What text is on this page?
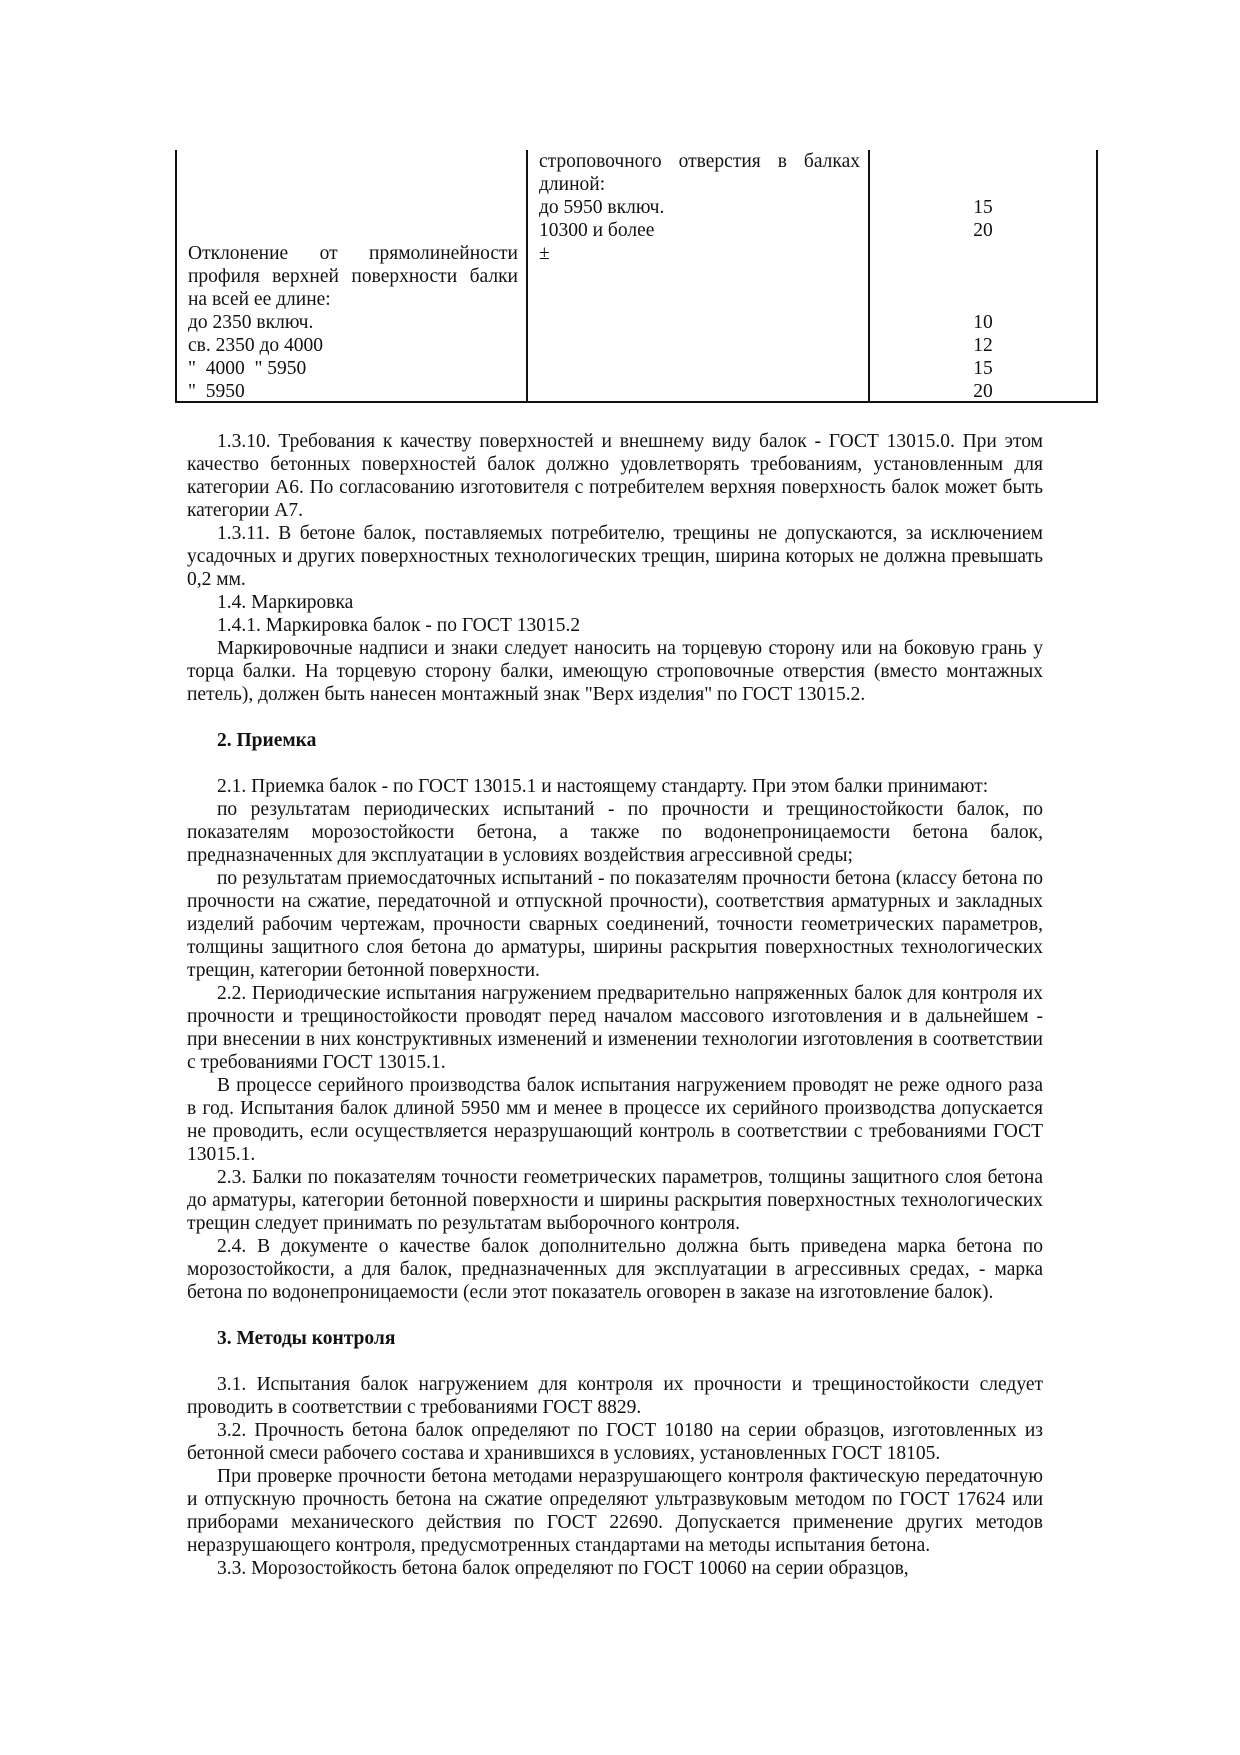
Отклонение от прямолинейности
профиля верхней поверхности балки
на всей ее длине:
до 2350 включ.
св. 2350 до 4000
"  4000  " 5950
"  5950
строповочного отверстия в балках
длиной:
до 5950 включ.
10300 и более
±
15
20
10
12
15
20

1.3.10. Требования к качеству поверхностей и внешнему виду балок - ГОСТ 13015.0. При этом качество бетонных поверхностей балок должно удовлетворять требованиям, установленным для категории А6. По согласованию изготовителя с потребителем верхняя поверхность балок может быть категории А7.

1.3.11. В бетоне балок, поставляемых потребителю, трещины не допускаются, за исключением усадочных и других поверхностных технологических трещин, ширина которых не должна превышать 0,2 мм.

1.4. Маркировка

1.4.1. Маркировка балок - по ГОСТ 13015.2

Маркировочные надписи и знаки следует наносить на торцевую сторону или на боковую грань у торца балки. На торцевую сторону балки, имеющую строповочные отверстия (вместо монтажных петель), должен быть нанесен монтажный знак "Верх изделия" по ГОСТ 13015.2.

2. Приемка

2.1. Приемка балок - по ГОСТ 13015.1 и настоящему стандарту. При этом балки принимают:

по результатам периодических испытаний - по прочности и трещиностойкости балок, по показателям морозостойкости бетона, а также по водонепроницаемости бетона балок, предназначенных для эксплуатации в условиях воздействия агрессивной среды;

по результатам приемосдаточных испытаний - по показателям прочности бетона (классу бетона по прочности на сжатие, передаточной и отпускной прочности), соответствия арматурных и закладных изделий рабочим чертежам, прочности сварных соединений, точности геометрических параметров, толщины защитного слоя бетона до арматуры, ширины раскрытия поверхностных технологических трещин, категории бетонной поверхности.

2.2. Периодические испытания нагружением предварительно напряженных балок для контроля их прочности и трещиностойкости проводят перед началом массового изготовления и в дальнейшем - при внесении в них конструктивных изменений и изменении технологии изготовления в соответствии с требованиями ГОСТ 13015.1.

В процессе серийного производства балок испытания нагружением проводят не реже одного раза в год. Испытания балок длиной 5950 мм и менее в процессе их серийного производства допускается не проводить, если осуществляется неразрушающий контроль в соответствии с требованиями ГОСТ 13015.1.

2.3. Балки по показателям точности геометрических параметров, толщины защитного слоя бетона до арматуры, категории бетонной поверхности и ширины раскрытия поверхностных технологических трещин следует принимать по результатам выборочного контроля.

2.4. В документе о качестве балок дополнительно должна быть приведена марка бетона по морозостойкости, а для балок, предназначенных для эксплуатации в агрессивных средах, - марка бетона по водонепроницаемости (если этот показатель оговорен в заказе на изготовление балок).

3. Методы контроля

3.1. Испытания балок нагружением для контроля их прочности и трещиностойкости следует проводить в соответствии с требованиями ГОСТ 8829.

3.2. Прочность бетона балок определяют по ГОСТ 10180 на серии образцов, изготовленных из бетонной смеси рабочего состава и хранившихся в условиях, установленных ГОСТ 18105.

При проверке прочности бетона методами неразрушающего контроля фактическую передаточную и отпускную прочность бетона на сжатие определяют ультразвуковым методом по ГОСТ 17624 или приборами механического действия по ГОСТ 22690. Допускается применение других методов неразрушающего контроля, предусмотренных стандартами на методы испытания бетона.

3.3. Морозостойкость бетона балок определяют по ГОСТ 10060 на серии образцов,
